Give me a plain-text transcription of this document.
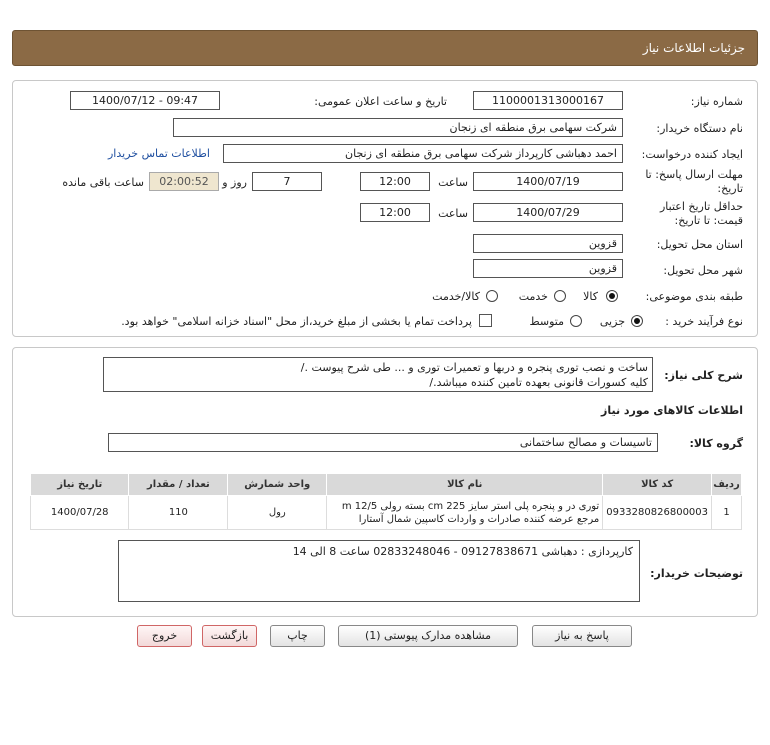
جزئیات اطلاعات نیاز
شماره نیاز:
1100001313000167
تاریخ و ساعت اعلان عمومی:
1400/07/12 - 09:47
نام دستگاه خریدار:
شرکت سهامی برق منطقه ای زنجان
ایجاد کننده درخواست:
احمد دهباشی کارپرداز شرکت سهامی برق منطقه ای زنجان
اطلاعات تماس خریدار
مهلت ارسال پاسخ: تا تاریخ:
1400/07/19
ساعت
12:00
7
روز و
02:00:52
ساعت باقی مانده
حداقل تاریخ اعتبار قیمت: تا تاریخ:
1400/07/29
ساعت
12:00
استان محل تحویل:
قزوین
شهر محل تحویل:
قزوین
طبقه بندی موضوعی:
کالا
خدمت
کالا/خدمت
نوع فرآیند خرید :
جزیی
متوسط
پرداخت تمام یا بخشی از مبلغ خرید،از محل "اسناد خزانه اسلامی" خواهد بود.
شرح کلی نیاز:
ساخت و نصب توری پنجره و دربها و تعمیرات توری و ... طی شرح پیوست ./
کلیه کسورات قانونی بعهده تامین کننده میباشد./
اطلاعات کالاهای مورد نیاز
گروه کالا:
تاسیسات و مصالح ساختمانی
ردیف	کد کالا	نام کالا	واحد شمارش	تعداد / مقدار	تاریخ نیاز
1	0933280826800003	توری در و پنجره پلی استر سایز cm 225 بسته رولی m 12/5
مرجع عرضه کننده صادرات و واردات کاسپین شمال آستارا	رول	110	1400/07/28
توضیحات خریدار:
کارپردازی : دهباشی 09127838671 - 02833248046 ساعت 8 الی 14
پاسخ به نیاز
مشاهده مدارک پیوستی (1)
چاپ
بازگشت
خروج
